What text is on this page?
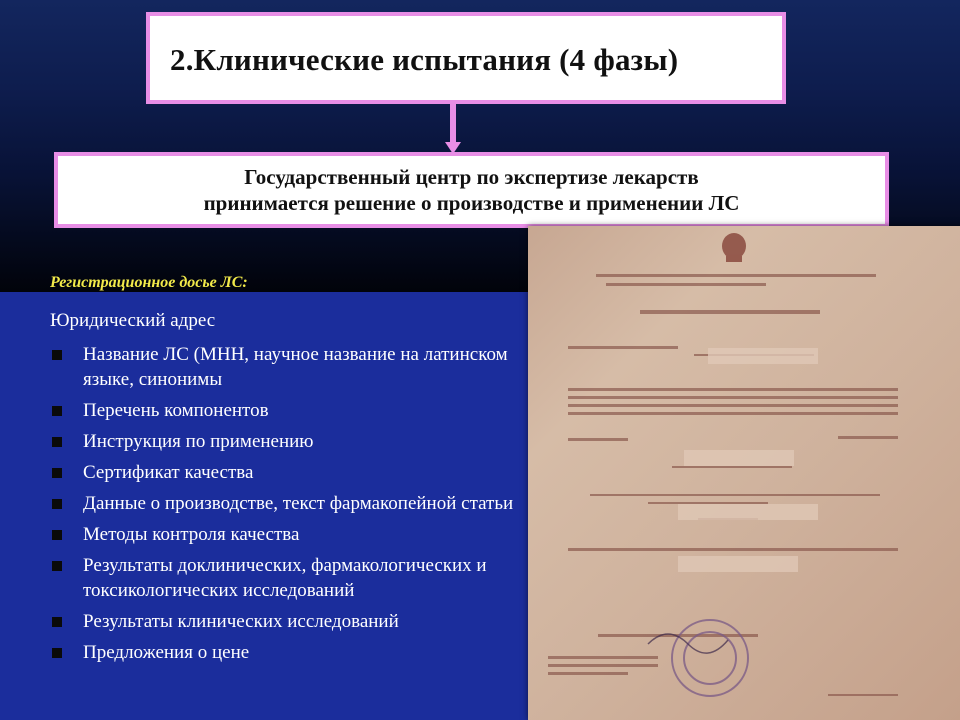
2.Клинические испытания (4 фазы)
Государственный центр по экспертизе лекарств
принимается решение о производстве и применении ЛС
Регистрационное досье ЛС:
Юридический адрес
Название ЛС (МНН, научное название на латинском языке, синонимы
Перечень компонентов
Инструкция по применению
Сертификат качества
Данные о производстве, текст фармакопейной статьи
Методы контроля качества
Результаты доклинических, фармакологических и токсикологических исследований
Результаты клинических исследований
Предложения о цене
